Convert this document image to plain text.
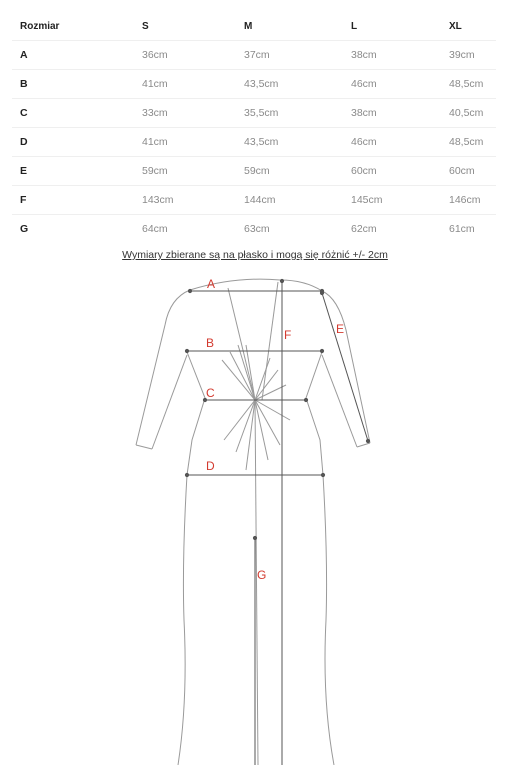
Rozmiar	S	M	L	XL
A	36cm	37cm	38cm	39cm
B	41cm	43,5cm	46cm	48,5cm
C	33cm	35,5cm	38cm	40,5cm
D	41cm	43,5cm	46cm	48,5cm
E	59cm	59cm	60cm	60cm
F	143cm	144cm	145cm	146cm
G	64cm	63cm	62cm	61cm
Wymiary zbierane są na płasko i mogą się różnić +/- 2cm
A
B
C
D
E
F
G
